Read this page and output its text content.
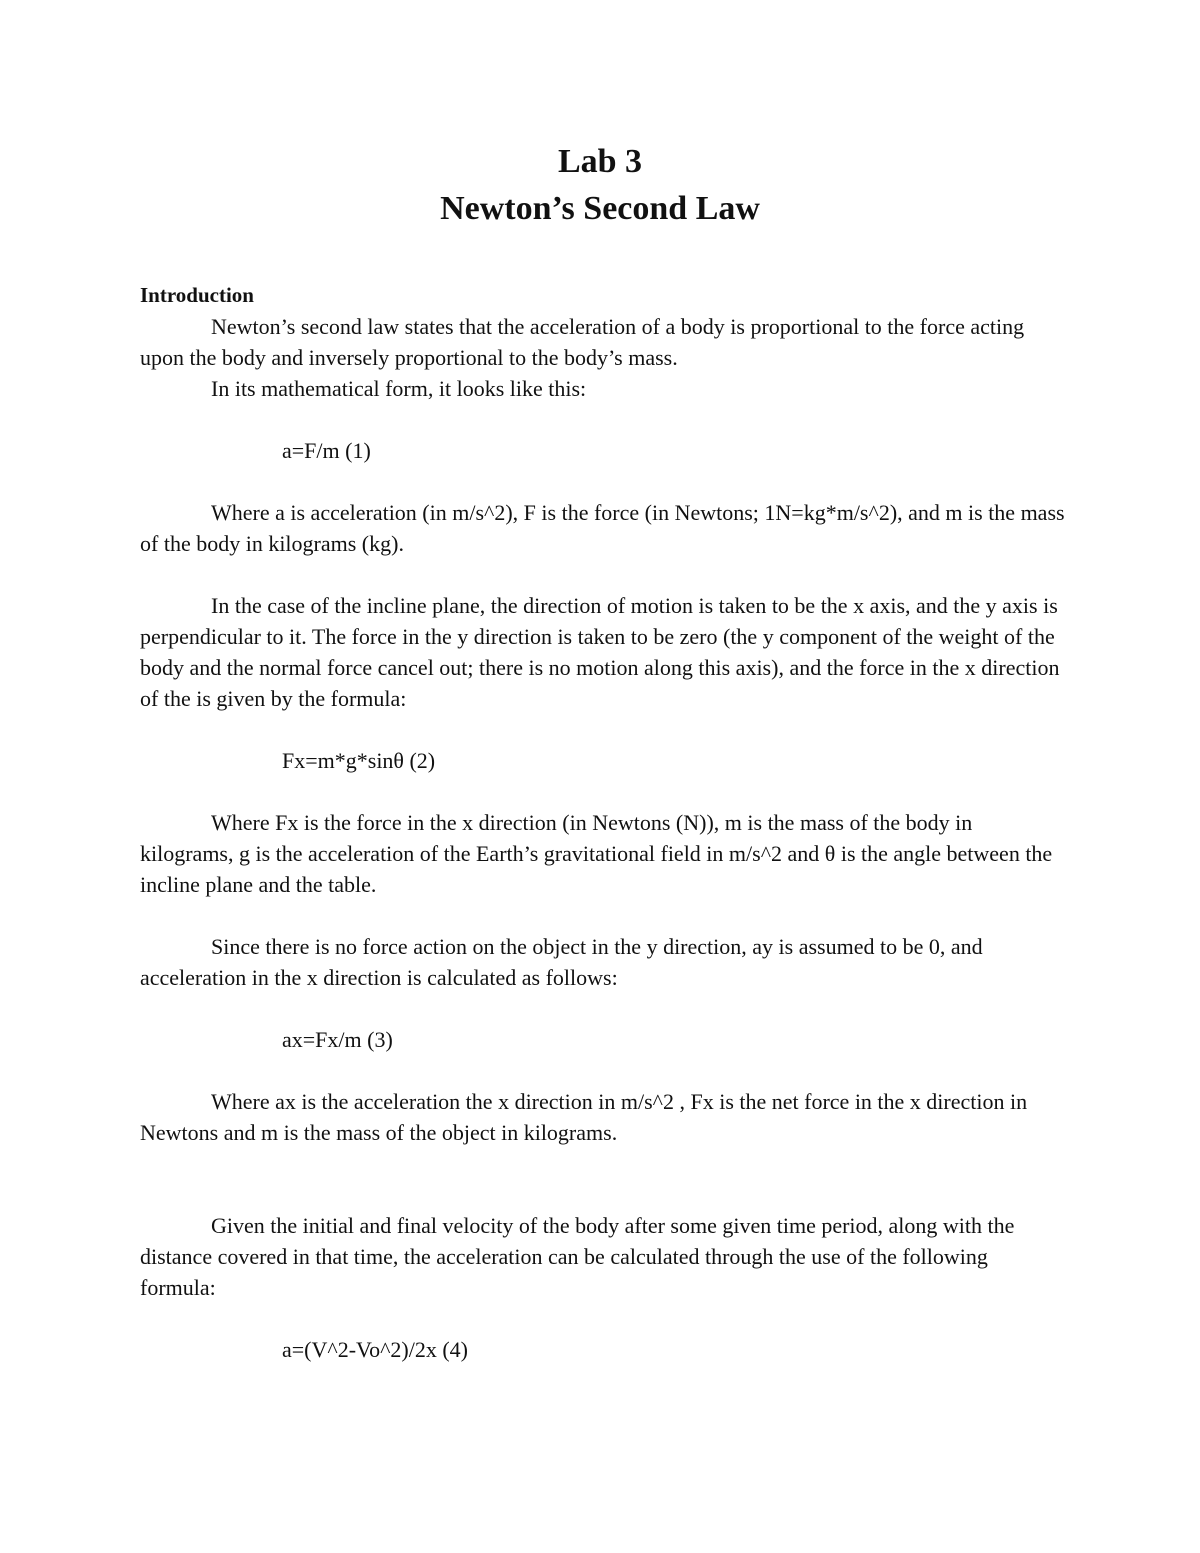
Lab 3
Newton’s Second Law

Introduction

Newton’s second law states that the acceleration of a body is proportional to the force acting upon the body and inversely proportional to the body’s mass.

In its mathematical form, it looks like this:

a=F/m (1)

Where a is acceleration (in m/s^2), F is the force (in Newtons; 1N=kg*m/s^2), and m is the mass of the body in kilograms (kg).

In the case of the incline plane, the direction of motion is taken to be the x axis, and the y axis is perpendicular to it. The force in the y direction is taken to be zero (the y component of the weight of the body and the normal force cancel out; there is no motion along this axis), and the force in the x direction of the is given by the formula:

Fx=m*g*sinθ (2)

Where Fx is the force in the x direction (in Newtons (N)), m is the mass of the body in kilograms, g is the acceleration of the Earth’s gravitational field in m/s^2 and θ is the angle between the incline plane and the table.

Since there is no force action on the object in the y direction, ay is assumed to be 0, and acceleration in the x direction is calculated as follows:

ax=Fx/m (3)

Where ax is the acceleration the x direction in m/s^2 , Fx is the net force in the x direction in Newtons and m is the mass of the object in kilograms.

Given the initial and final velocity of the body after some given time period, along with the distance covered in that time, the acceleration can be calculated through the use of the following formula:

a=(V^2-Vo^2)/2x (4)
